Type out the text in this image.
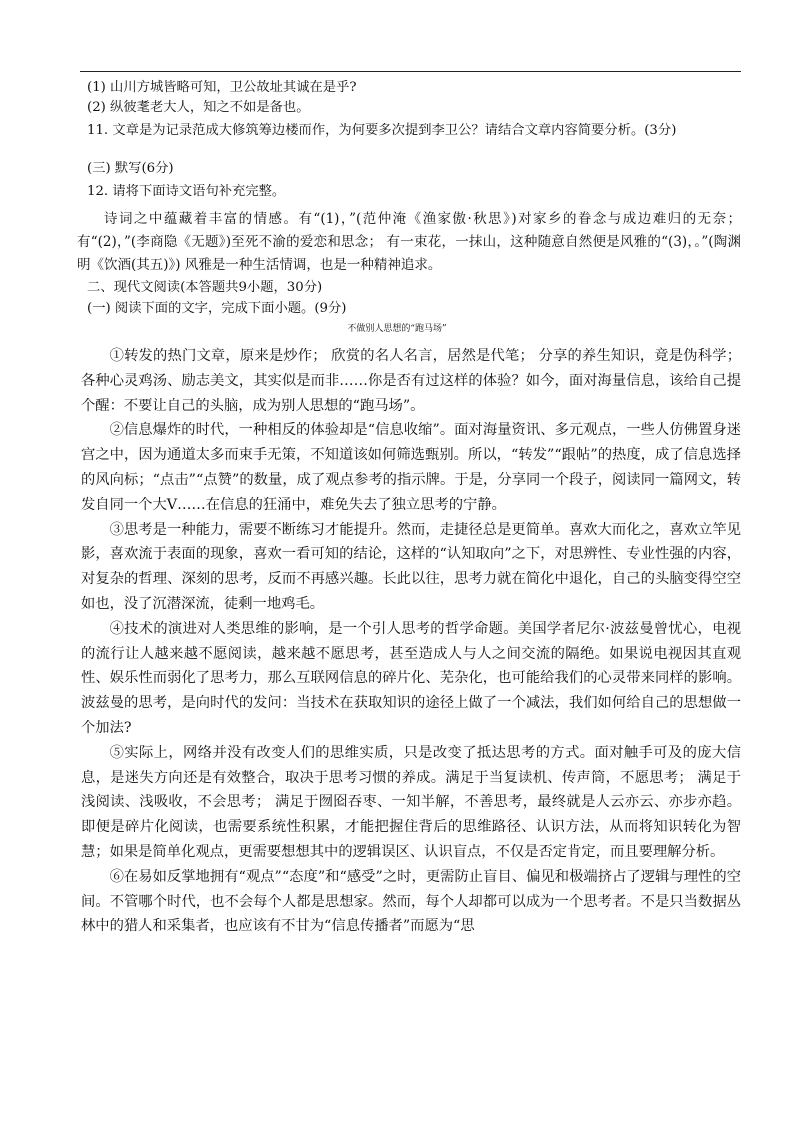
(1) 山川方城皆略可知，卫公故址其诚在是乎?
(2) 纵彼耄老大人，知之不如是备也。
11. 文章是为记录范成大修筑筹边楼而作，为何要多次提到李卫公？请结合文章内容简要分析。(3分)
(三) 默写(6分)
12. 请将下面诗文语句补充完整。

诗词之中蕴藏着丰富的情感。有“(1)，”(范仲淹《渔家傲·秋思》)对家乡的眷念与成边难归的无奈；有“(2)，”(李商隐《无题》)至死不渝的爱恋和思念； 有一束花，一抹山，这种随意自然便是风雅的“(3)，。”(陶渊明《饮酒(其五)》) 风雅是一种生活情调，也是一种精神追求。

二、现代文阅读(本答题共9小题，30分)
(一) 阅读下面的文字，完成下面小题。(9分)
不做别人思想的“跑马场”

①转发的热门文章，原来是炒作； 欣赏的名人名言，居然是代笔； 分享的养生知识，竟是伪科学；各种心灵鸡汤、励志美文，其实似是而非……你是否有过这样的体验？如今，面对海量信息，该给自己提个醒：不要让自己的头脑，成为别人思想的“跑马场”。

②信息爆炸的时代，一种相反的体验却是“信息收缩”。面对海量资讯、多元观点，一些人仿佛置身迷宫之中，因为通道太多而束手无策，不知道该如何筛选甄别。所以，“转发”“跟帖”的热度，成了信息选择的风向标；“点击”“点赞”的数量，成了观点参考的指示牌。于是，分享同一个段子，阅读同一篇网文，转发自同一个大V……在信息的狂涌中，难免失去了独立思考的宁静。

③思考是一种能力，需要不断练习才能提升。然而，走捷径总是更简单。喜欢大而化之，喜欢立竿见影，喜欢流于表面的现象，喜欢一看可知的结论，这样的“认知取向”之下，对思辨性、专业性强的内容，对复杂的哲理、深刻的思考，反而不再感兴趣。长此以往，思考力就在简化中退化，自己的头脑变得空空如也，没了沉潜深流，徒剩一地鸡毛。

④技术的演进对人类思维的影响，是一个引人思考的哲学命题。美国学者尼尔·波兹曼曾忧心，电视的流行让人越来越不愿阅读，越来越不愿思考，甚至造成人与人之间交流的隔绝。如果说电视因其直观性、娱乐性而弱化了思考力，那么互联网信息的碎片化、芜杂化，也可能给我们的心灵带来同样的影响。波兹曼的思考，是向时代的发问：当技术在获取知识的途径上做了一个减法，我们如何给自己的思想做一个加法?

⑤实际上，网络并没有改变人们的思维实质，只是改变了抵达思考的方式。面对触手可及的庞大信息，是迷失方向还是有效整合，取决于思考习惯的养成。满足于当复读机、传声筒，不愿思考； 满足于浅阅读、浅吸收，不会思考； 满足于囫囵吞枣、一知半解，不善思考，最终就是人云亦云、亦步亦趋。即便是碎片化阅读，也需要系统性积累，才能把握住背后的思维路径、认识方法，从而将知识转化为智慧；如果是简单化观点，更需要想想其中的逻辑误区、认识盲点，不仅是否定肯定，而且要理解分析。

⑥在易如反掌地拥有“观点”“态度”和“感受”之时，更需防止盲目、偏见和极端挤占了逻辑与理性的空间。不管哪个时代，也不会每个人都是思想家。然而，每个人却都可以成为一个思考者。不是只当数据丛林中的猎人和采集者，也应该有不甘为“信息传播者”而愿为“思
